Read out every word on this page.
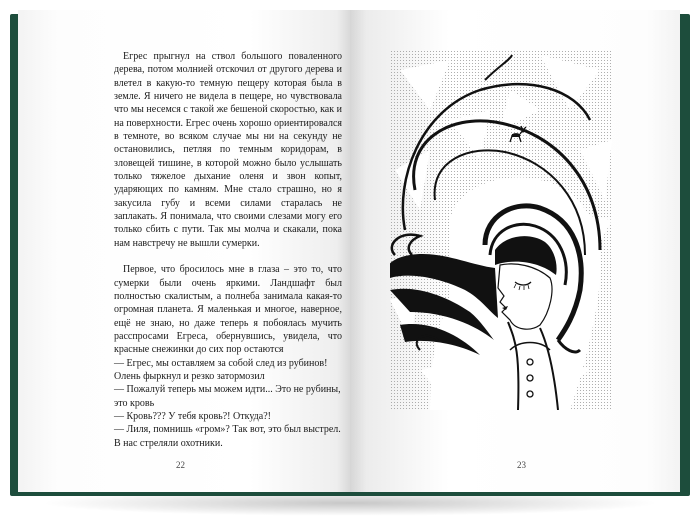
Егрес прыгнул на ствол большого поваленного дерева, потом молнией отскочил от другого дерева и влетел в какую-то темную пещеру которая была в земле. Я ничего не видела в пещере, но чувствовала что мы несемся с такой же бешеной скоростью, как и на поверхности. Егрес очень хорошо ориентировался в темноте, во всяком случае мы ни на секунду не остановились, петляя по темным коридорам, в зловещей тишине, в которой можно было услышать только тяжелое дыхание оленя и звон копыт, ударяющих по камням. Мне стало страшно, но я закусила губу и всеми силами старалась не заплакать. Я понимала, что своими слезами могу его только сбить с пути. Так мы молча и скакали, пока нам навстречу не вышли сумерки.

Первое, что бросилось мне в глаза – это то, что сумерки были очень яркими. Ландшафт был полностью скалистым, а полнеба занимала какая-то огромная планета. Я маленькая и многое, наверное, ещё не знаю, но даже теперь я побоялась мучить расспросами Егреса, обернувшись, увидела, что красные снежинки до сих пор остаются

— Егрес, мы оставляем за собой след из рубинов! Олень фыркнул и резко затормозил

— Пожалуй теперь мы можем идти... Это не рубины, это кровь

— Кровь??? У тебя кровь?! Откуда?!

— Лиля, помнишь «гром»? Так вот, это был выстрел. В нас стреляли охотники.

22	23
